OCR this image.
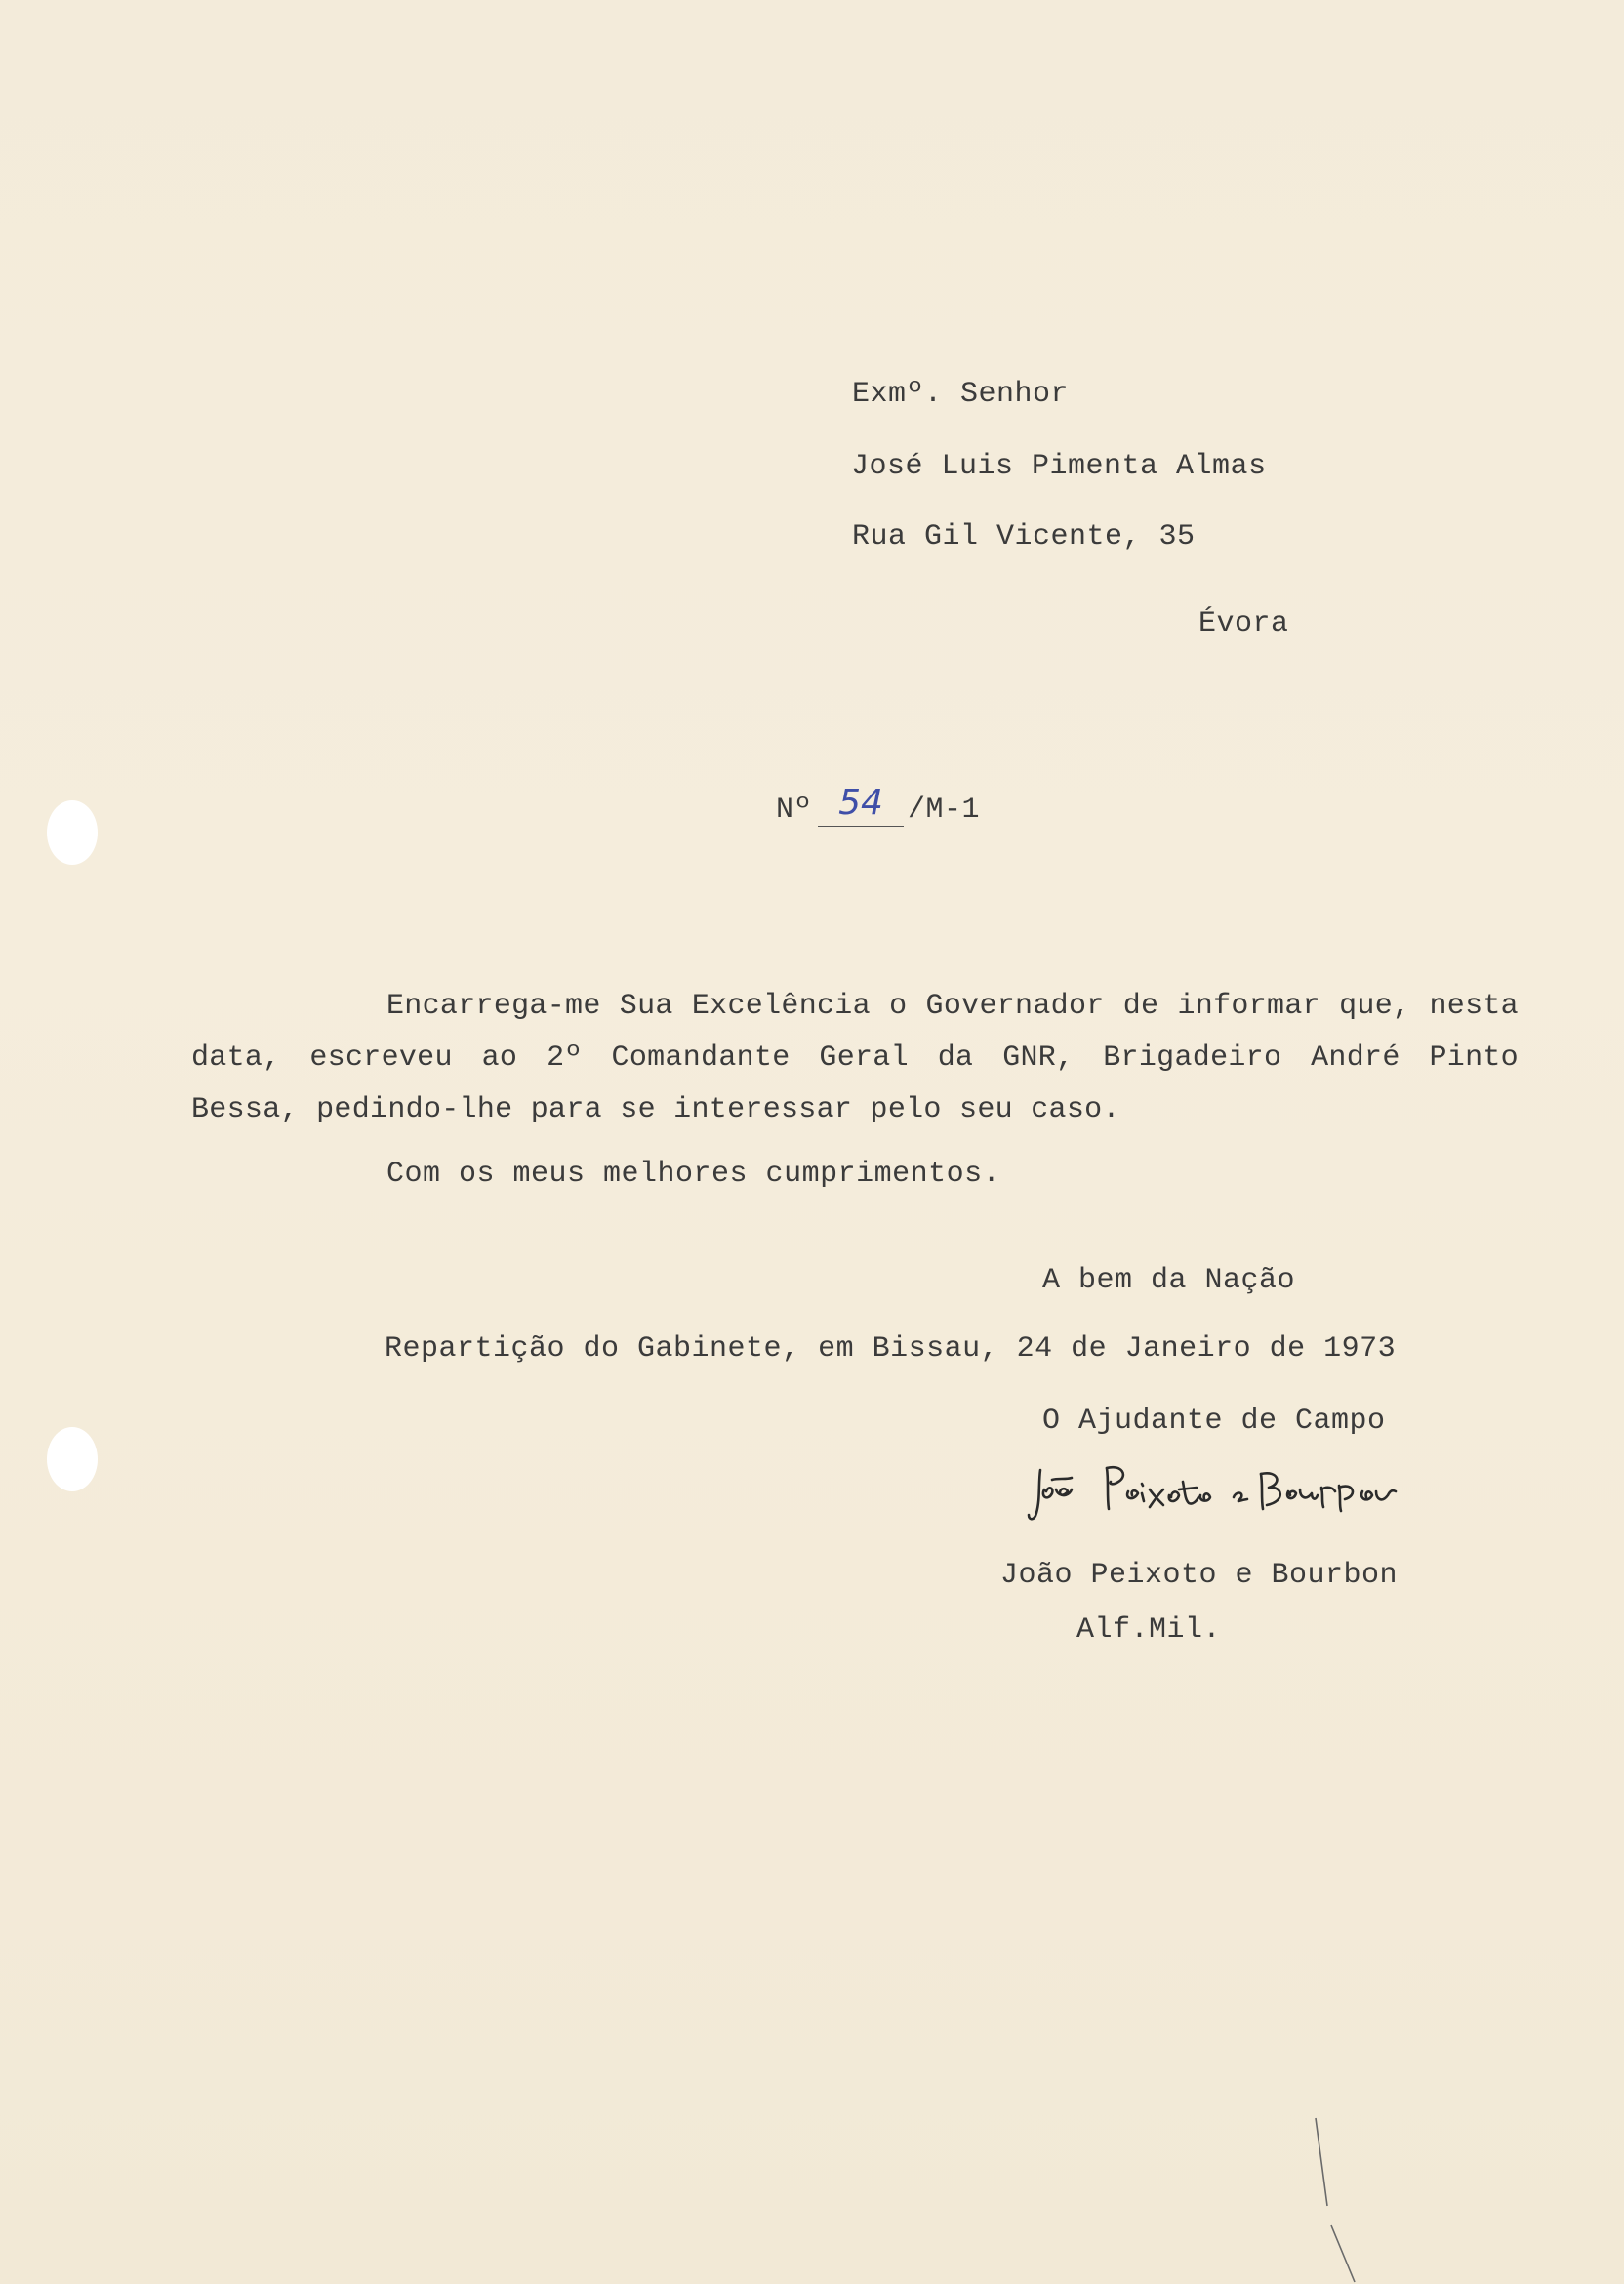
Exmº. Senhor
José Luis Pimenta Almas
Rua Gil Vicente, 35
Évora
Nº 54 /M-1
Encarrega-me Sua Excelência o Governador de informar que, nesta data, escreveu ao 2º Comandante Geral da GNR, Brigadeiro André Pinto Bessa, pedindo-lhe para se interessar pelo seu caso.
Com os meus melhores cumprimentos.
A bem da Nação
Repartição do Gabinete, em Bissau, 24 de Janeiro de 1973
O Ajudante de Campo
João Peixoto e Bourbon
Alf.Mil.
